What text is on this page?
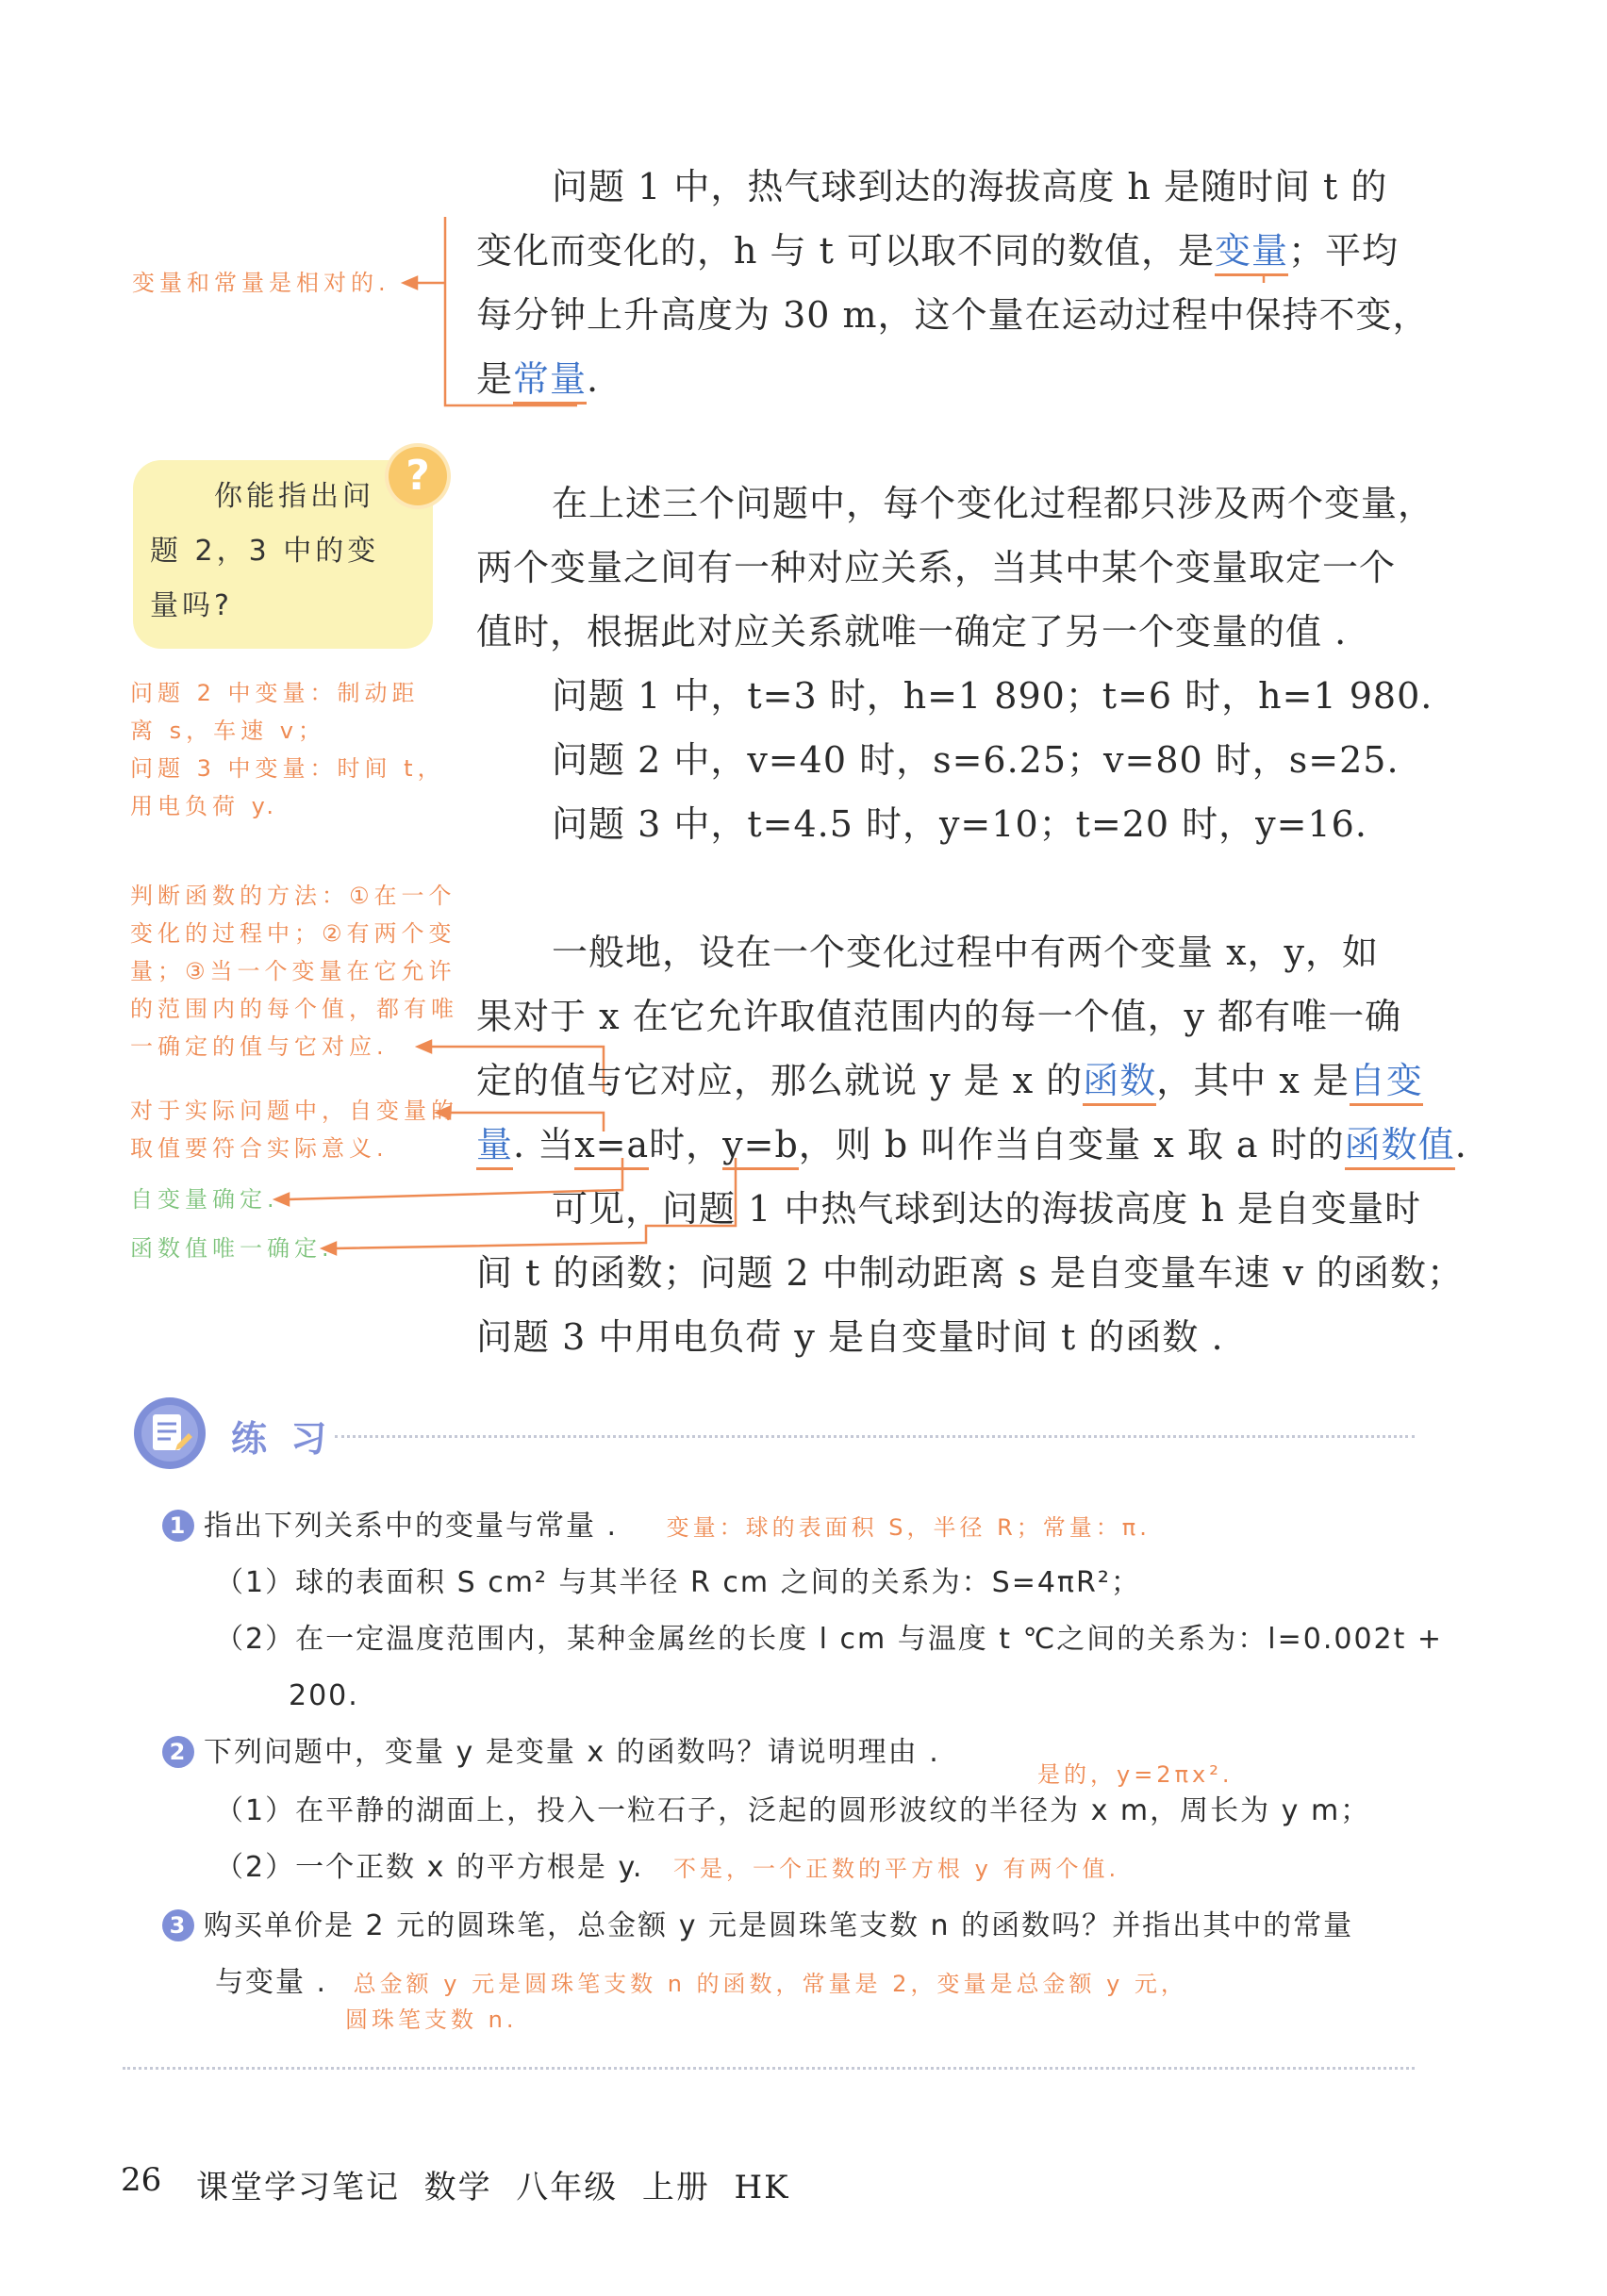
问题 1 中，热气球到达的海拔高度 h 是随时间 t 的
变化而变化的，h 与 t 可以取不同的数值，是变量；平均
每分钟上升高度为 30 m，这个量在运动过程中保持不变，
是常量.
变量和常量是相对的.
你能指出问
题 2，3 中的变
量吗?
?
问题 2 中变量：制动距
离 s，车速 v；
问题 3 中变量：时间 t，
用电负荷 y.
在上述三个问题中，每个变化过程都只涉及两个变量，
两个变量之间有一种对应关系，当其中某个变量取定一个
值时，根据此对应关系就唯一确定了另一个变量的值 .
问题 1 中，t=3 时，h=1 890；t=6 时，h=1 980.
问题 2 中，v=40 时，s=6.25；v=80 时，s=25.
问题 3 中，t=4.5 时，y=10；t=20 时，y=16.
判断函数的方法：①在一个
变化的过程中；②有两个变
量；③当一个变量在它允许
的范围内的每个值，都有唯
一确定的值与它对应.
对于实际问题中，自变量的
取值要符合实际意义.
自变量确定.
函数值唯一确定.
一般地，设在一个变化过程中有两个变量 x，y，如
果对于 x 在它允许取值范围内的每一个值，y 都有唯一确
定的值与它对应，那么就说 y 是 x 的函数，其中 x 是自变
量. 当x=a时，y=b，则 b 叫作当自变量 x 取 a 时的函数值.
可见，问题 1 中热气球到达的海拔高度 h 是自变量时
间 t 的函数；问题 2 中制动距离 s 是自变量车速 v 的函数；
问题 3 中用电负荷 y 是自变量时间 t 的函数 .
练 习
1 指出下列关系中的变量与常量 . 变量：球的表面积 S，半径 R；常量：π.
（1）球的表面积 S cm² 与其半径 R cm 之间的关系为：S=4πR²；
（2）在一定温度范围内，某种金属丝的长度 l cm 与温度 t ℃之间的关系为：l=0.002t +
200.
2 下列问题中，变量 y 是变量 x 的函数吗？请说明理由 .
是的，y=2πx².
（1）在平静的湖面上，投入一粒石子，泛起的圆形波纹的半径为 x m，周长为 y m；
（2）一个正数 x 的平方根是 y. 不是，一个正数的平方根 y 有两个值.
3 购买单价是 2 元的圆珠笔，总金额 y 元是圆珠笔支数 n 的函数吗？并指出其中的常量
与变量 . 总金额 y 元是圆珠笔支数 n 的函数，常量是 2，变量是总金额 y 元，
圆珠笔支数 n.
26 课堂学习笔记  数学  八年级  上册  HK
